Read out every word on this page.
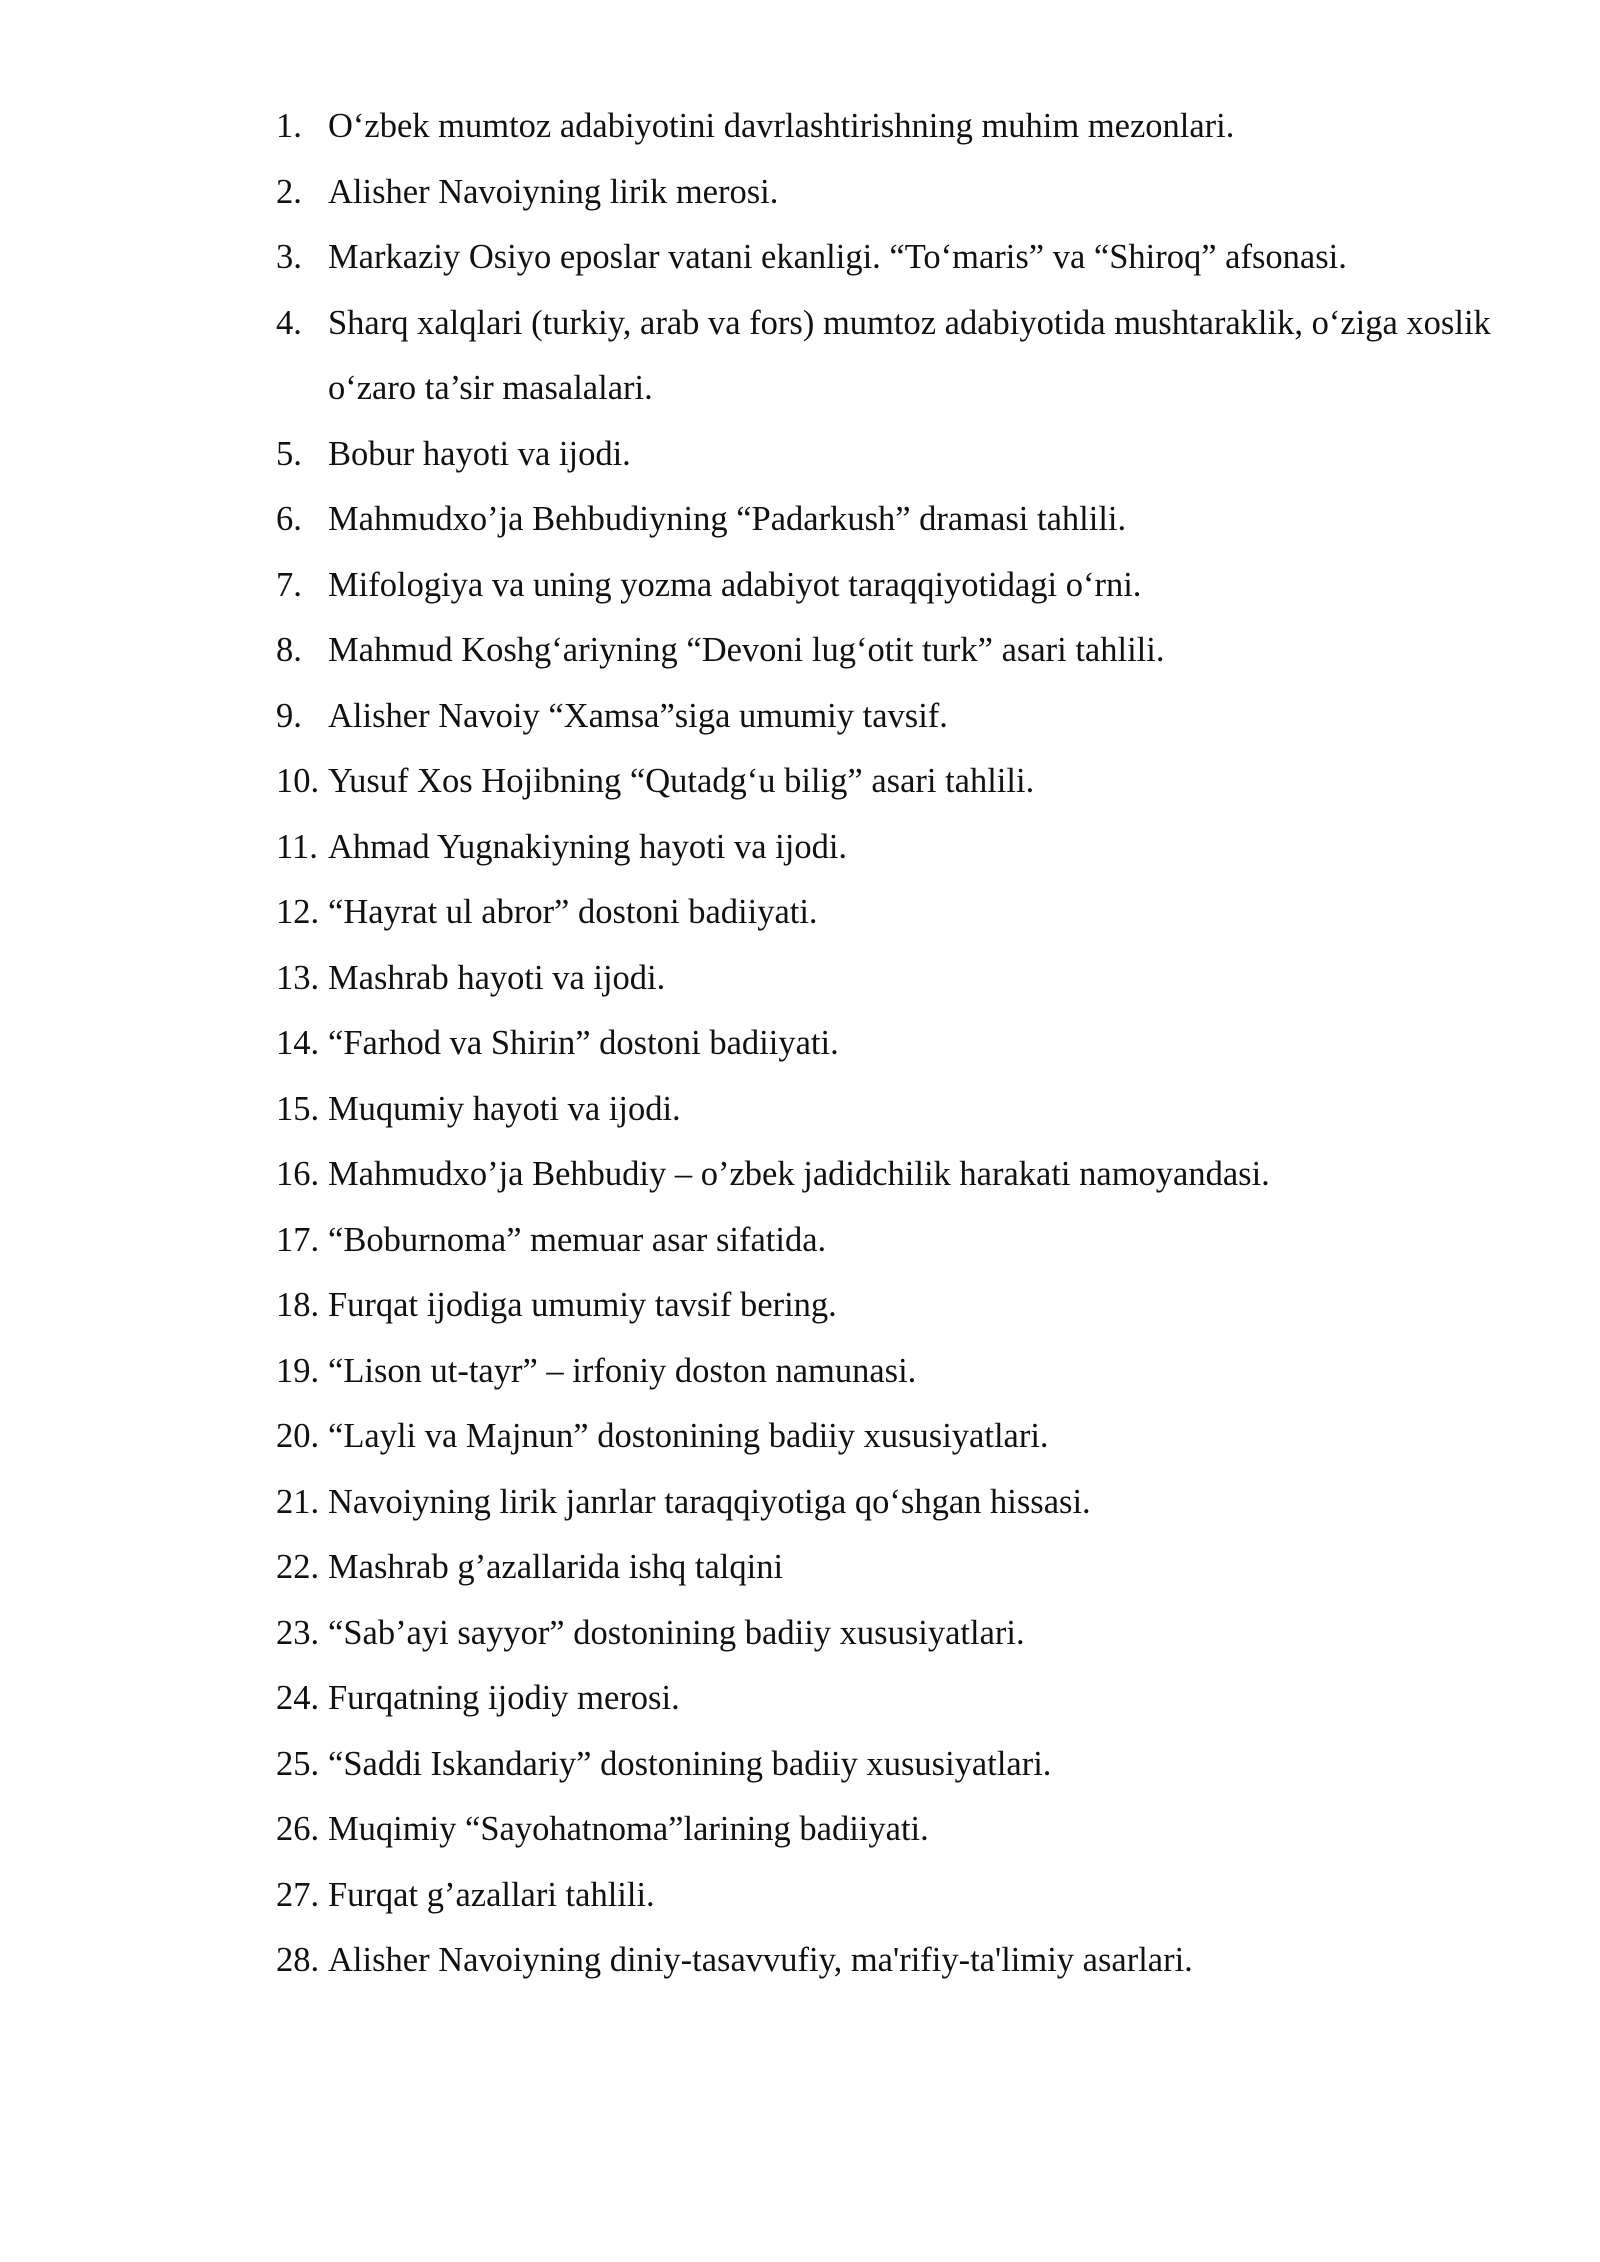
1. O‘zbek mumtoz adabiyotini davrlashtirishning muhim mezonlari.
2. Alisher Navoiyning lirik merosi.
3. Markaziy Osiyo eposlar vatani ekanligi. “To‘maris” va “Shiroq” afsonasi.
4. Sharq xalqlari (turkiy, arab va fors) mumtoz adabiyotida mushtaraklik, o‘ziga xoslik o‘zaro ta’sir masalalari.
5. Bobur hayoti va ijodi.
6. Mahmudxo’ja Behbudiyning “Padarkush” dramasi tahlili.
7. Mifologiya va uning yozma adabiyot taraqqiyotidagi o‘rni.
8. Mahmud Koshg‘ariyning “Devoni lug‘otit turk” asari tahlili.
9. Alisher Navoiy “Xamsa”siga umumiy tavsif.
10. Yusuf Xos Hojibning “Qutadg‘u bilig” asari tahlili.
11. Ahmad Yugnakiyning hayoti va ijodi.
12. “Hayrat ul abror” dostoni badiiyati.
13. Mashrab hayoti va ijodi.
14. “Farhod va Shirin” dostoni badiiyati.
15. Muqumiy hayoti va ijodi.
16. Mahmudxo’ja Behbudiy – o’zbek jadidchilik harakati namoyandasi.
17. “Boburnoma” memuar asar sifatida.
18. Furqat ijodiga umumiy tavsif bering.
19. “Lison ut-tayr” – irfoniy doston namunasi.
20. “Layli va Majnun” dostonining badiiy xususiyatlari.
21. Navoiyning lirik janrlar taraqqiyotiga qo‘shgan hissasi.
22. Mashrab g’azallarida ishq talqini
23. “Sab’ayi sayyor” dostonining badiiy xususiyatlari.
24. Furqatning ijodiy merosi.
25. “Saddi Iskandariy” dostonining badiiy xususiyatlari.
26. Muqimiy “Sayohatnoma”larining badiiyati.
27. Furqat g’azallari tahlili.
28. Alisher Navoiyning diniy-tasavvufiy, ma'rifiy-ta'limiy asarlari.
